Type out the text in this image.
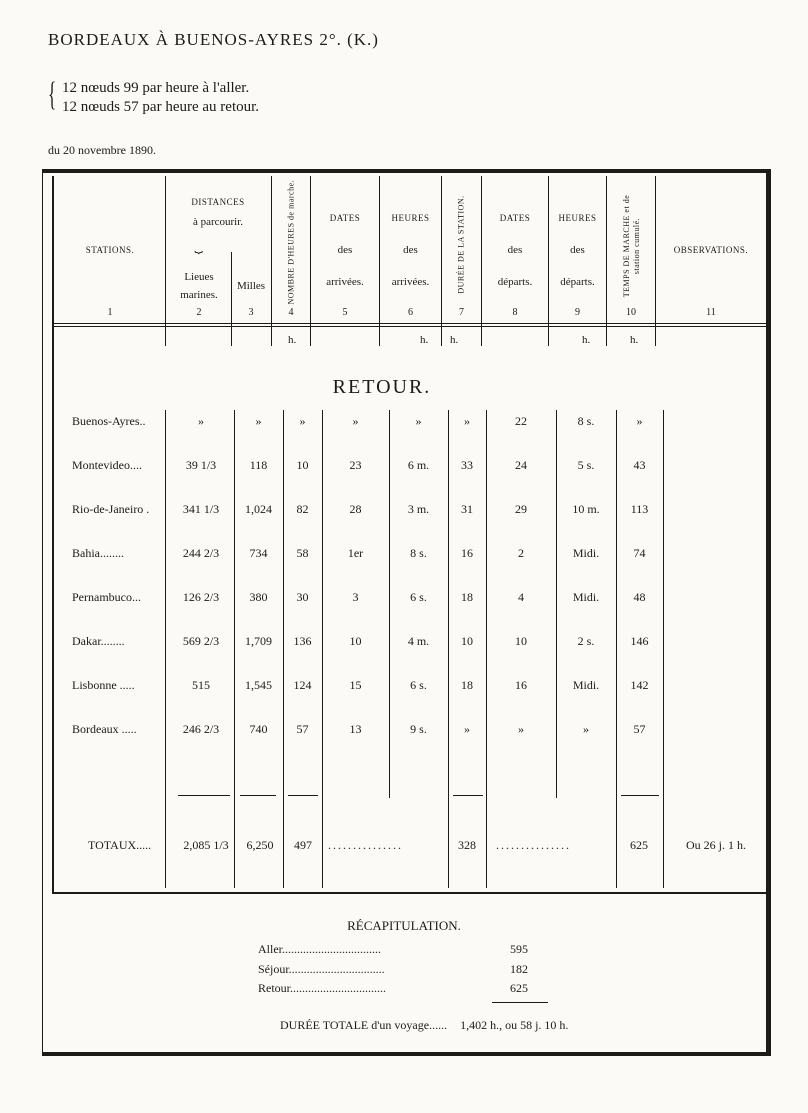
BORDEAUX À BUENOS-AYRES 2°. (K.)
{ 12 nœuds 99 par heure à l'aller.
12 nœuds 57 par heure au retour.
du 20 novembre 1890.
STATIONS.
DISTANCES
à parcourir.
⏟
Lieues marines.
Milles	NOMBRE D'HEURES de marche.	DATES
des
arrivées.
HEURES
des
arrivées.	DURÉE DE LA STATION.	DATES
des
départs.
HEURES
des
départs.	TEMPS DE MARCHE et de station cumulé.	OBSERVATIONS.
1	2	3	4	5	6	7	8	9	10	11
h.	h. h.	h.	h.
RETOUR.
Buenos-Ayres..	»	»	»	»	»	»	22	8 s.	»
Montevideo....	39 1/3	118	10	23	6 m.	33	24	5 s.	43
Rio-de-Janeiro .	341 1/3	1,024	82	28	3 m.	31	29	10 m.	113
Bahia........	244 2/3	734	58	1er	8 s.	16	2	Midi.	74
Pernambuco...	126 2/3	380	30	3	6 s.	18	4	Midi.	48
Dakar........	569 2/3	1,709	136	10	4 m.	10	10	2 s.	146
Lisbonne .....	515	1,545	124	15	6 s.	18	16	Midi.	142
Bordeaux .....	246 2/3	740	57	13	9 s.	»	»	»	57
TOTAUX.....	2,085 1/3	6,250	497	...............	328	...............	625	Ou 26 j. 1 h.
RÉCAPITULATION.
Aller.................................	595
Séjour................................	182
Retour................................	625
DURÉE TOTALE d'un voyage...... 1,402 h., ou 58 j. 10 h.
